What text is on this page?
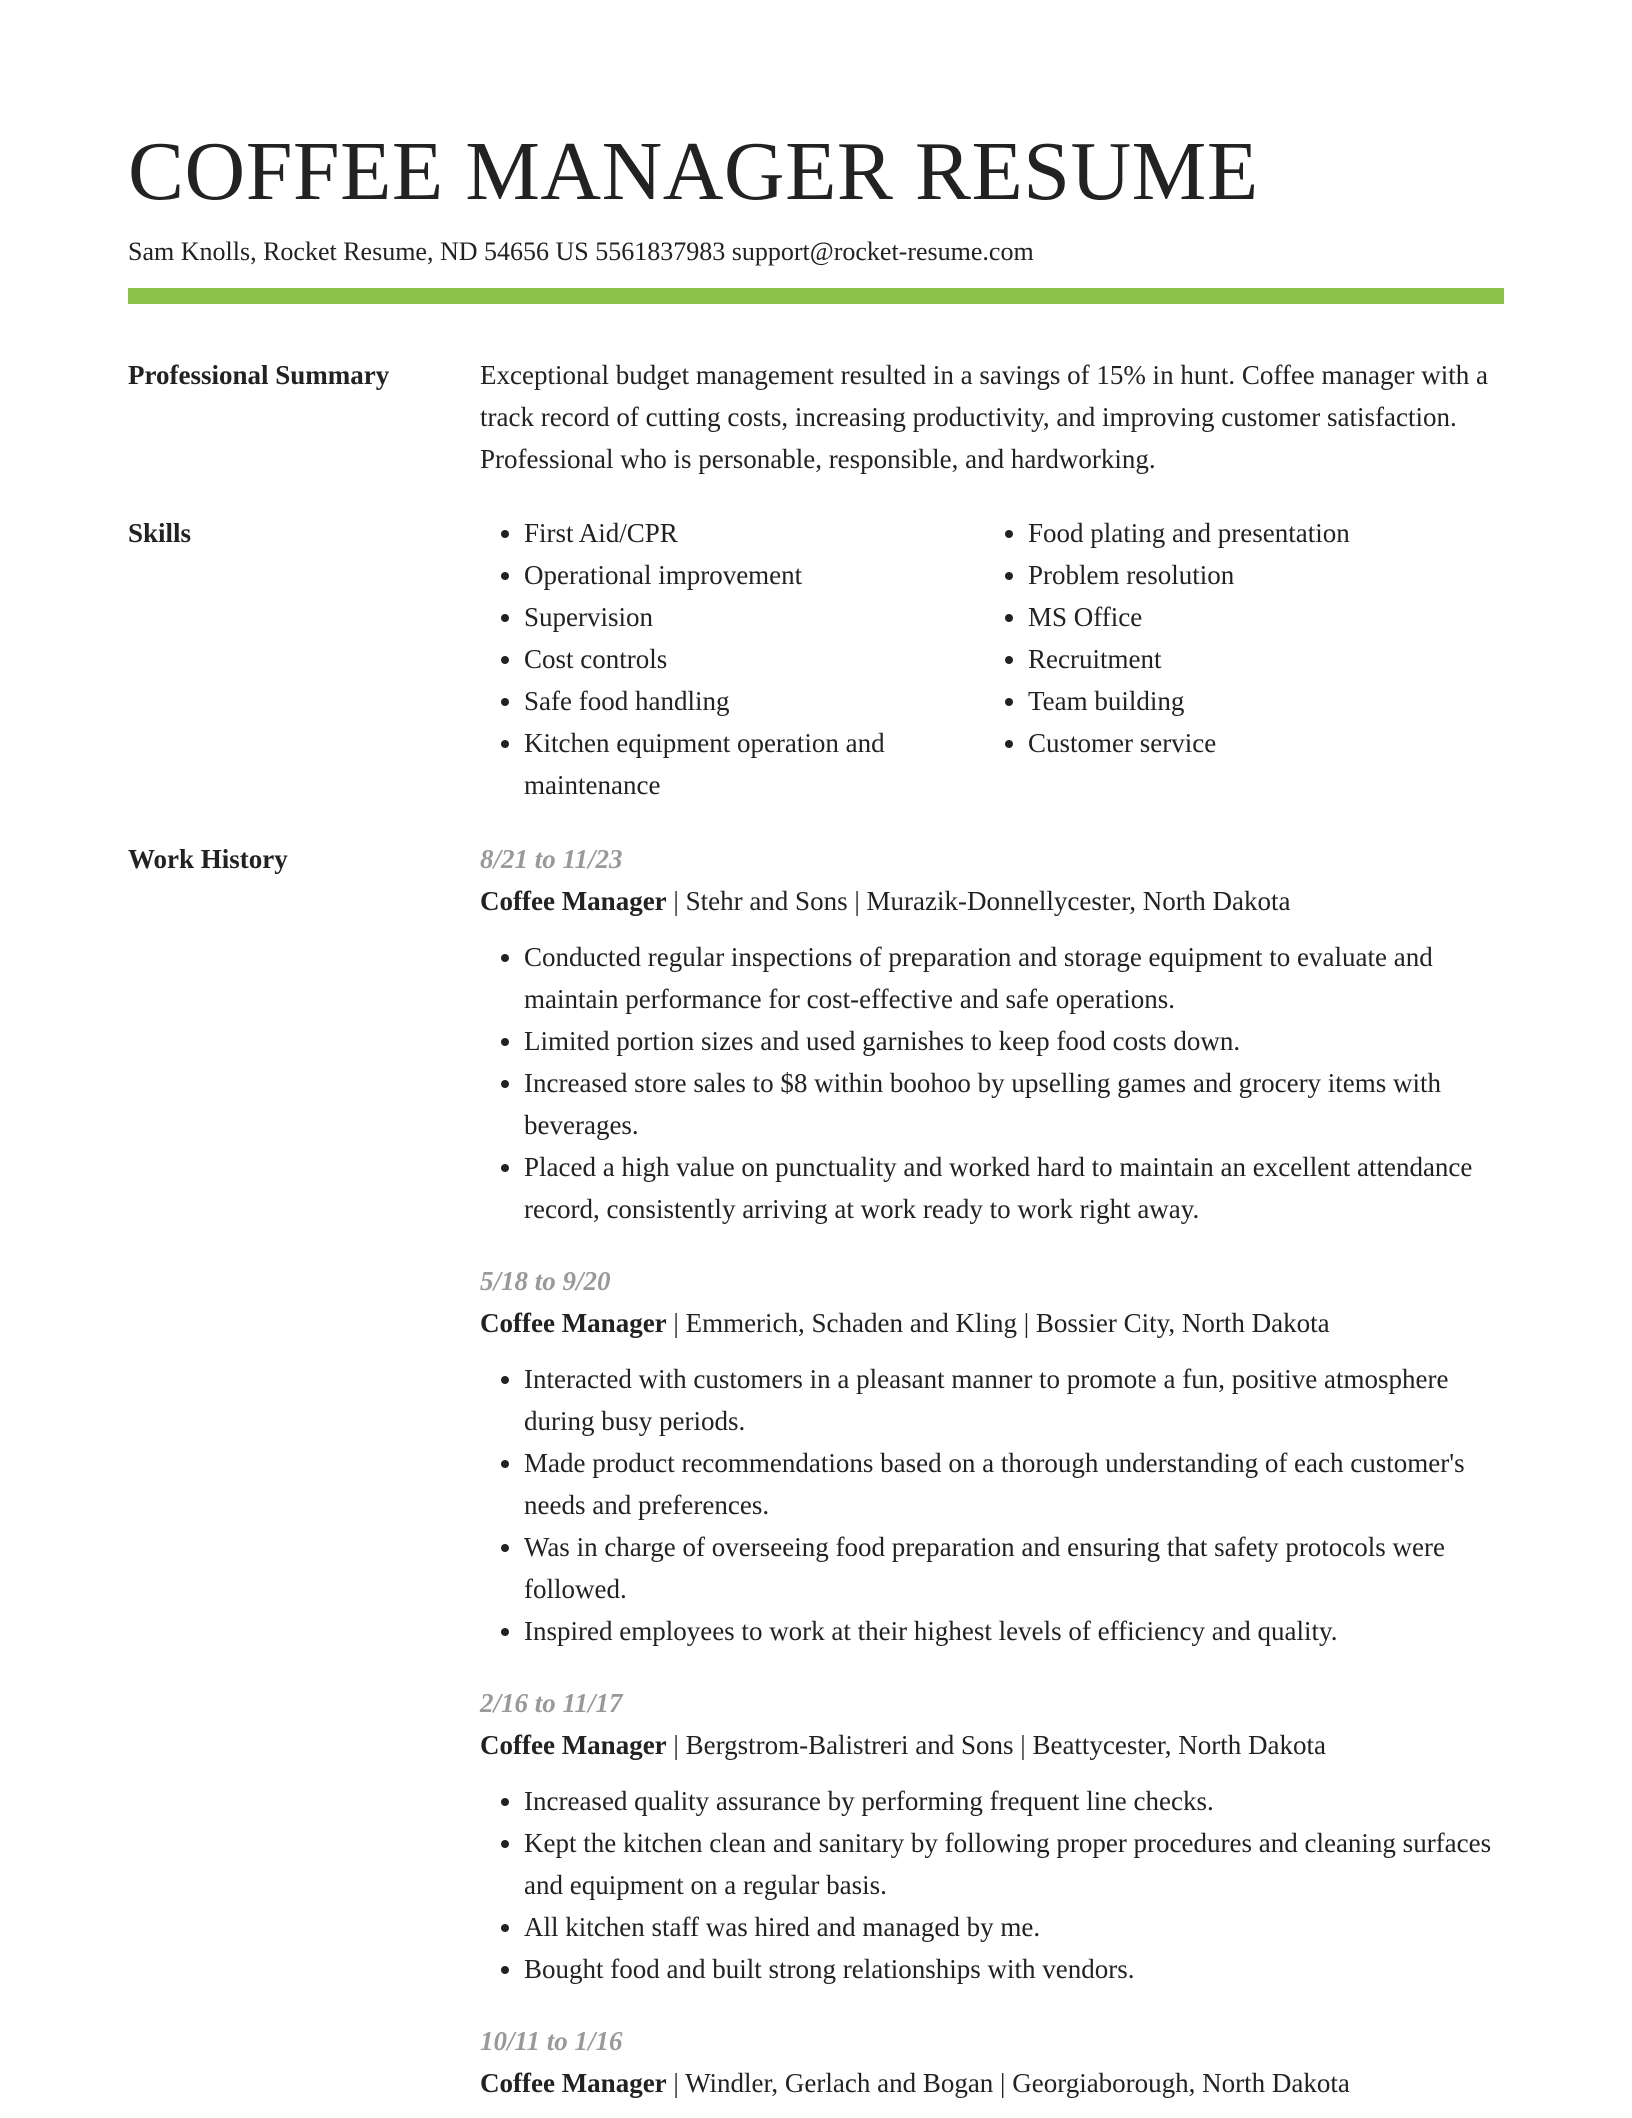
COFFEE MANAGER RESUME
Sam Knolls, Rocket Resume, ND 54656 US 5561837983 support@rocket-resume.com
Professional Summary	Exceptional budget management resulted in a savings of 15% in hunt. Coffee manager with a track record of cutting costs, increasing productivity, and improving customer satisfaction. Professional who is personable, responsible, and hardworking.
Skills
•	First Aid/CPR
• Operational improvement
• Supervision
• Cost controls
• Safe food handling
• Kitchen equipment operation and maintenance
• Food plating and presentation
• Problem resolution
• MS Office
• Recruitment
• Team building
• Customer service
Work History	8/21 to 11/23
Coffee Manager | Stehr and Sons | Murazik-Donnellycester, North Dakota
• Conducted regular inspections of preparation and storage equipment to evaluate and maintain performance for cost-effective and safe operations.
• Limited portion sizes and used garnishes to keep food costs down.
• Increased store sales to $8 within boohoo by upselling games and grocery items with beverages.
• Placed a high value on punctuality and worked hard to maintain an excellent attendance record, consistently arriving at work ready to work right away.
5/18 to 9/20
Coffee Manager | Emmerich, Schaden and Kling | Bossier City, North Dakota
• Interacted with customers in a pleasant manner to promote a fun, positive atmosphere during busy periods.
• Made product recommendations based on a thorough understanding of each customer's needs and preferences.
• Was in charge of overseeing food preparation and ensuring that safety protocols were followed.
• Inspired employees to work at their highest levels of efficiency and quality.
2/16 to 11/17
Coffee Manager | Bergstrom-Balistreri and Sons | Beattycester, North Dakota
• Increased quality assurance by performing frequent line checks.
• Kept the kitchen clean and sanitary by following proper procedures and cleaning surfaces and equipment on a regular basis.
• All kitchen staff was hired and managed by me.
• Bought food and built strong relationships with vendors.
10/11 to 1/16
Coffee Manager | Windler, Gerlach and Bogan | Georgiaborough, North Dakota
